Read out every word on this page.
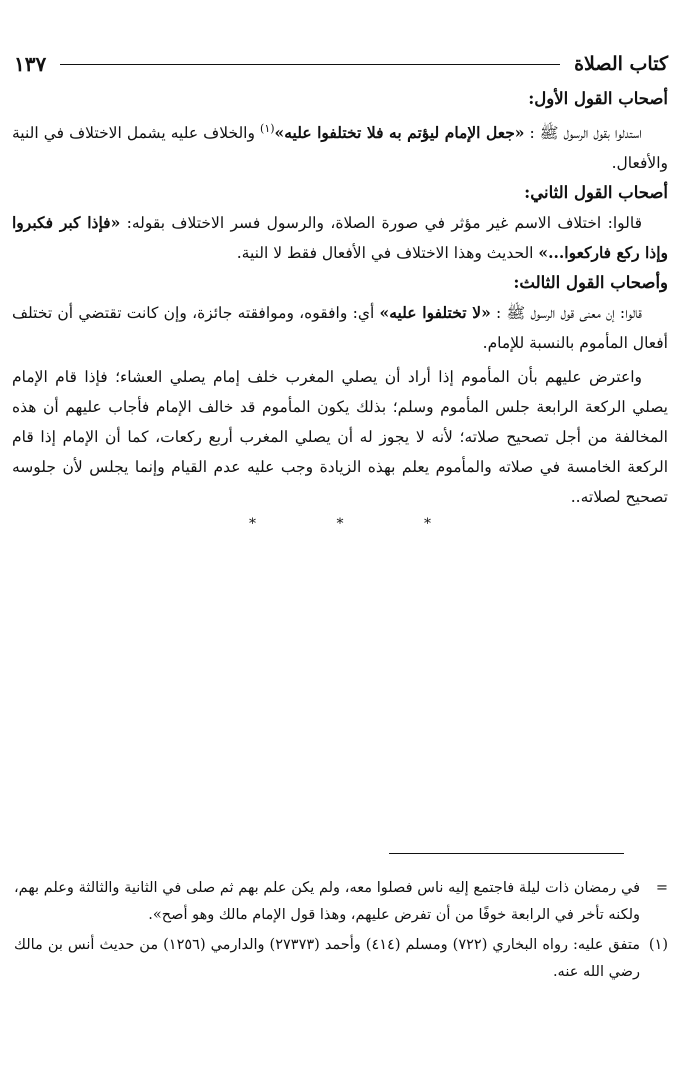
كتاب الصلاة
١٣٧

أصحاب القول الأول:

استدلوا بقول الرسول ﷺ : «جعل الإمام ليؤتم به فلا تختلفوا عليه»$^{(١)}$ والخلاف عليه يشمل الاختلاف في النية والأفعال.

أصحاب القول الثاني:

قالوا: اختلاف الاسم غير مؤثر في صورة الصلاة، والرسول فسر الاختلاف بقوله: «فإذا كبر فكبروا وإذا ركع فاركعوا...» الحديث وهذا الاختلاف في الأفعال فقط لا النية.

وأصحاب القول الثالث:

قالوا: إن معنى قول الرسول ﷺ : «لا تختلفوا عليه» أي: وافقوه، وموافقته جائزة، وإن كانت تقتضي أن تختلف أفعال المأموم بالنسبة للإمام.

واعترض عليهم بأن المأموم إذا أراد أن يصلي المغرب خلف إمام يصلي العشاء؛ فإذا قام الإمام يصلي الركعة الرابعة جلس المأموم وسلم؛ بذلك يكون المأموم قد خالف الإمام فأجاب عليهم أن هذه المخالفة من أجل تصحيح صلاته؛ لأنه لا يجوز له أن يصلي المغرب أربع ركعات، كما أن الإمام إذا قام الركعة الخامسة في صلاته والمأموم يعلم بهذه الزيادة وجب عليه عدم القيام وإنما يجلس لأن جلوسه تصحيح لصلاته..

* * *
=
في رمضان ذات ليلة فاجتمع إليه ناس فصلوا معه، ولم يكن علم بهم ثم صلى في الثانية والثالثة وعلم بهم، ولكنه تأخر في الرابعة خوفًا من أن تفرض عليهم، وهذا قول الإمام مالك وهو أصح».
(١)
متفق عليه: رواه البخاري (٧٢٢) ومسلم (٤١٤) وأحمد (٢٧٣٧٣) والدارمي (١٢٥٦) من حديث أنس بن مالك رضي الله عنه.
